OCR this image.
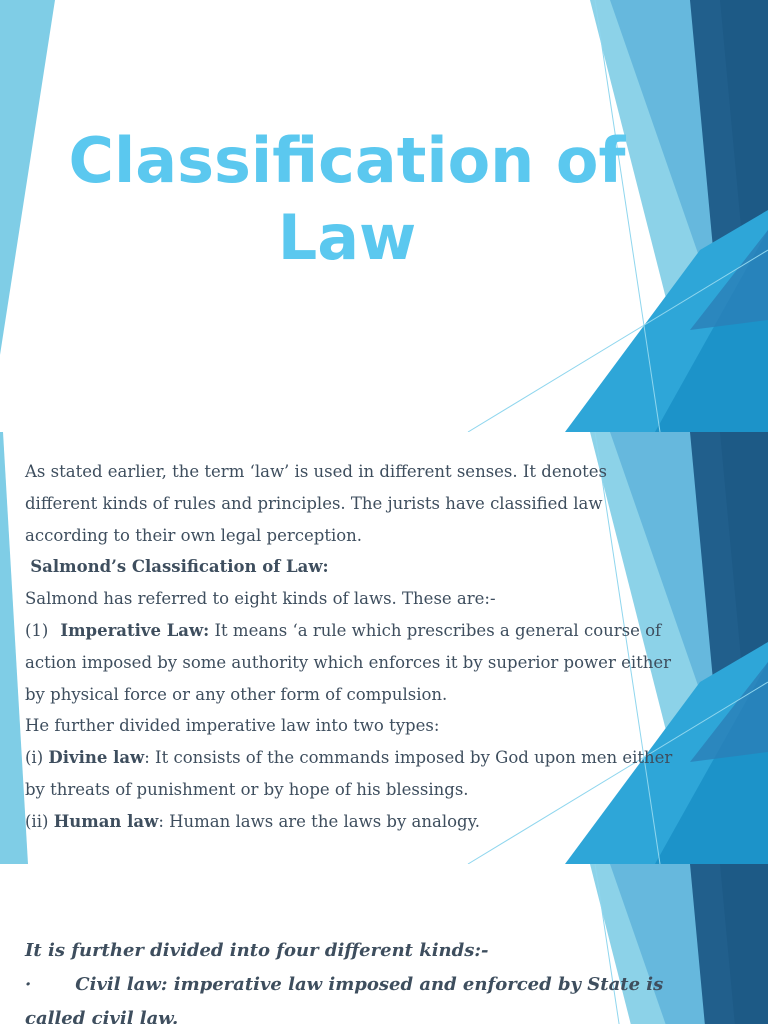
Classification of Law
As stated earlier, the term ‘law’ is used in different senses. It denotes
different kinds of rules and principles. The jurists have classified law
according to their own legal perception.
Salmond’s Classification of Law:
Salmond has referred to eight kinds of laws. These are:-
(1) Imperative Law: It means ‘a rule which prescribes a general course of
action imposed by some authority which enforces it by superior power either
by physical force or any other form of compulsion.
He further divided imperative law into two types:
(i) Divine law: It consists of the commands imposed by God upon men either
by threats of punishment or by hope of his blessings.
(ii) Human law: Human laws are the laws by analogy.
It is further divided into four different kinds:-
· Civil law: imperative law imposed and enforced by State is
called civil law.
